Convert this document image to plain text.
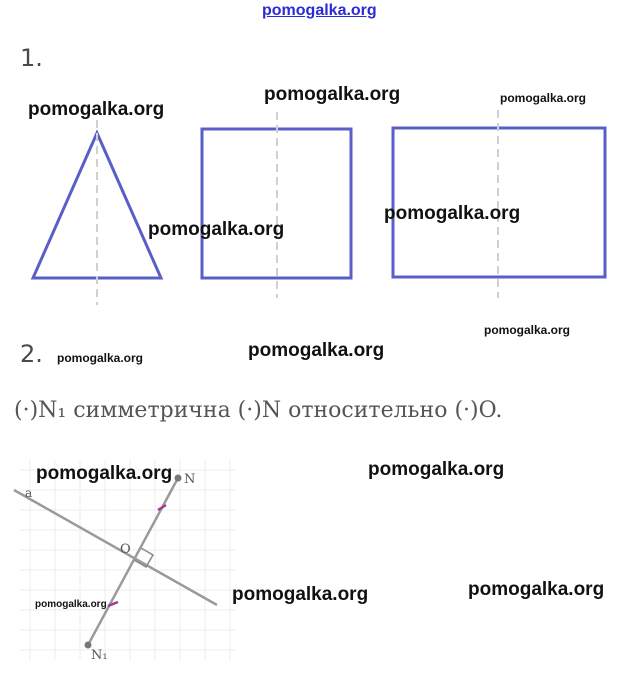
pomogalka.org
1.
2.
N
N₁
O
a
(·)N₁ симметрична (·)N относительно (·)O.
pomogalka.org
pomogalka.org	pomogalka.org
pomogalka.org
pomogalka.org
pomogalka.org
pomogalka.org	pomogalka.org
pomogalka.org	pomogalka.org
pomogalka.org	pomogalka.org	pomogalka.org
